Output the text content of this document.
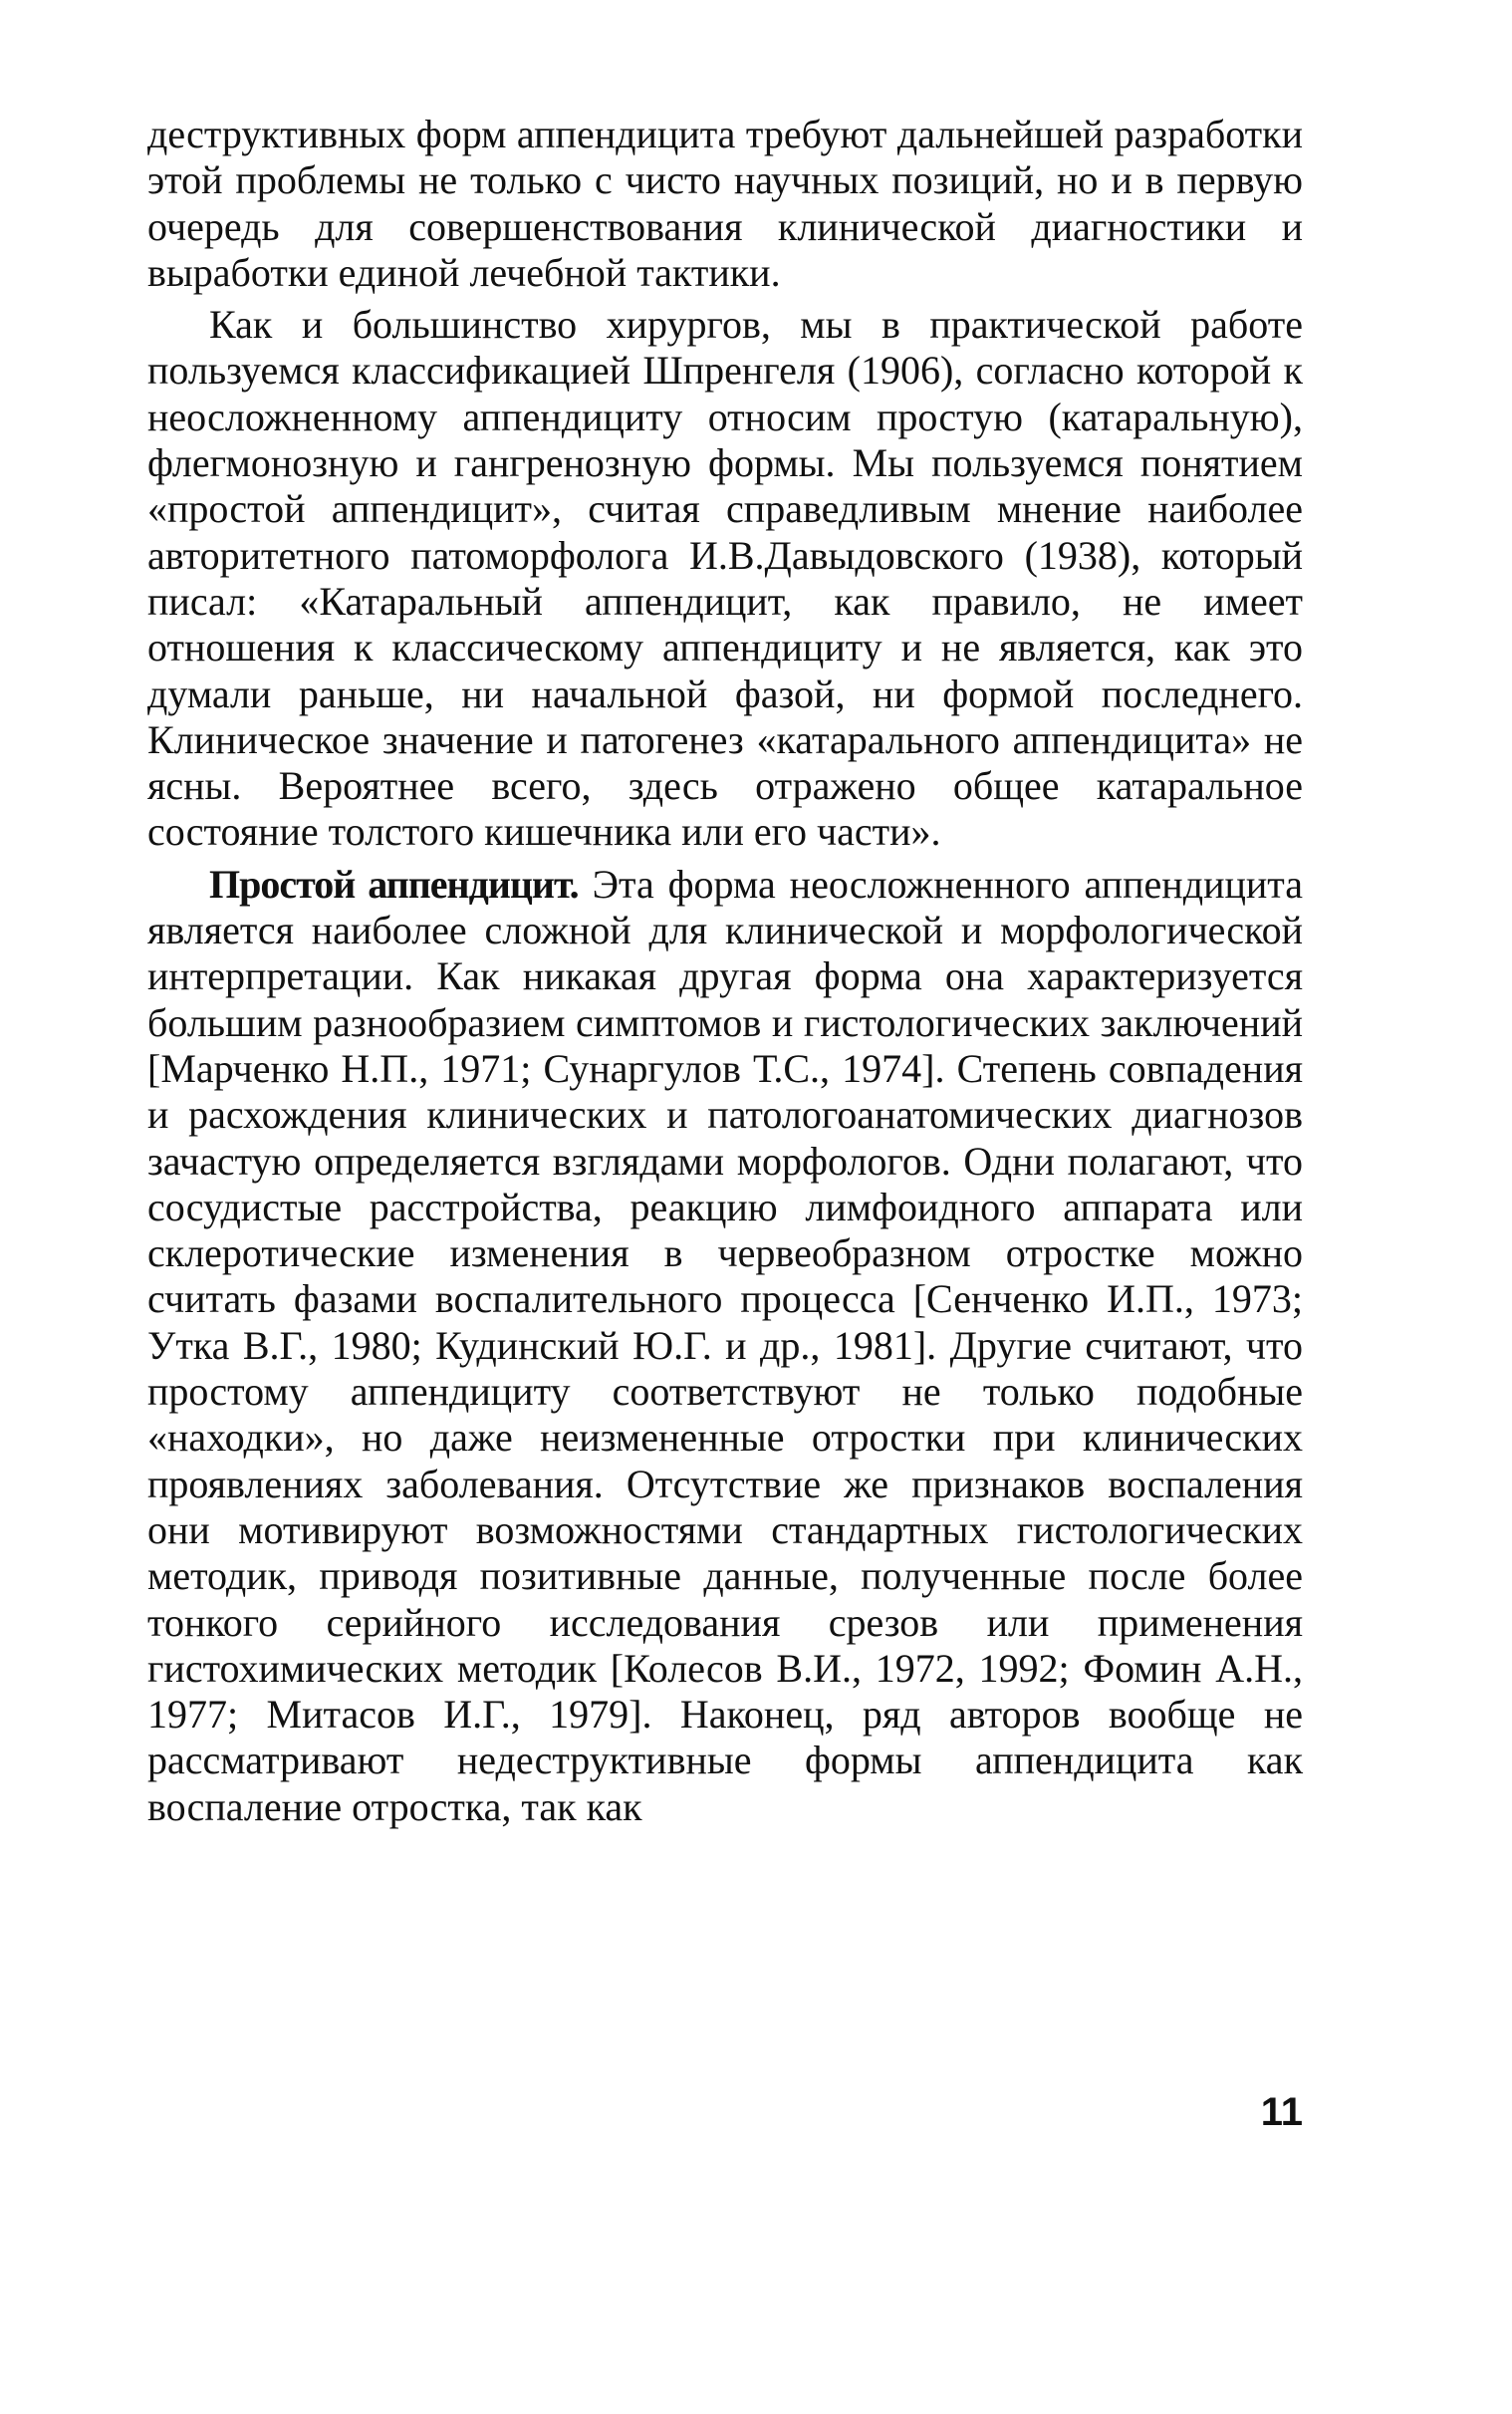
деструктивных форм аппендицита требуют дальнейшей разработки этой проблемы не только с чисто научных позиций, но и в первую очередь для совершенствования клинической диагностики и выработки единой лечебной тактики.

Как и большинство хирургов, мы в практической работе пользуемся классификацией Шпренгеля (1906), согласно которой к неосложненному аппендициту относим простую (катаральную), флегмонозную и гангренозную формы. Мы пользуемся понятием «простой аппендицит», считая справедливым мнение наиболее авторитетного патоморфолога И.В.Давыдовского (1938), который писал: «Катаральный аппендицит, как правило, не имеет отношения к классическому аппендициту и не является, как это думали раньше, ни начальной фазой, ни формой последнего. Клиническое значение и патогенез «катарального аппендицита» не ясны. Вероятнее всего, здесь отражено общее катаральное состояние толстого кишечника или его части».

Простой аппендицит. Эта форма неосложненного аппендицита является наиболее сложной для клинической и морфологической интерпретации. Как никакая другая форма она характеризуется большим разнообразием симптомов и гистологических заключений [Марченко Н.П., 1971; Сунаргулов Т.С., 1974]. Степень совпадения и расхождения клинических и патологоанатомических диагнозов зачастую определяется взглядами морфологов. Одни полагают, что сосудистые расстройства, реакцию лимфоидного аппарата или склеротические изменения в червеобразном отростке можно считать фазами воспалительного процесса [Сенченко И.П., 1973; Утка В.Г., 1980; Кудинский Ю.Г. и др., 1981]. Другие считают, что простому аппендициту соответствуют не только подобные «находки», но даже неизмененные отростки при клинических проявлениях заболевания. Отсутствие же признаков воспаления они мотивируют возможностями стандартных гистологических методик, приводя позитивные данные, полученные после более тонкого серийного исследования срезов или применения гистохимических методик [Колесов В.И., 1972, 1992; Фомин А.Н., 1977; Митасов И.Г., 1979]. Наконец, ряд авторов вообще не рассматривают недеструктивные формы аппендицита как воспаление отростка, так как

11
